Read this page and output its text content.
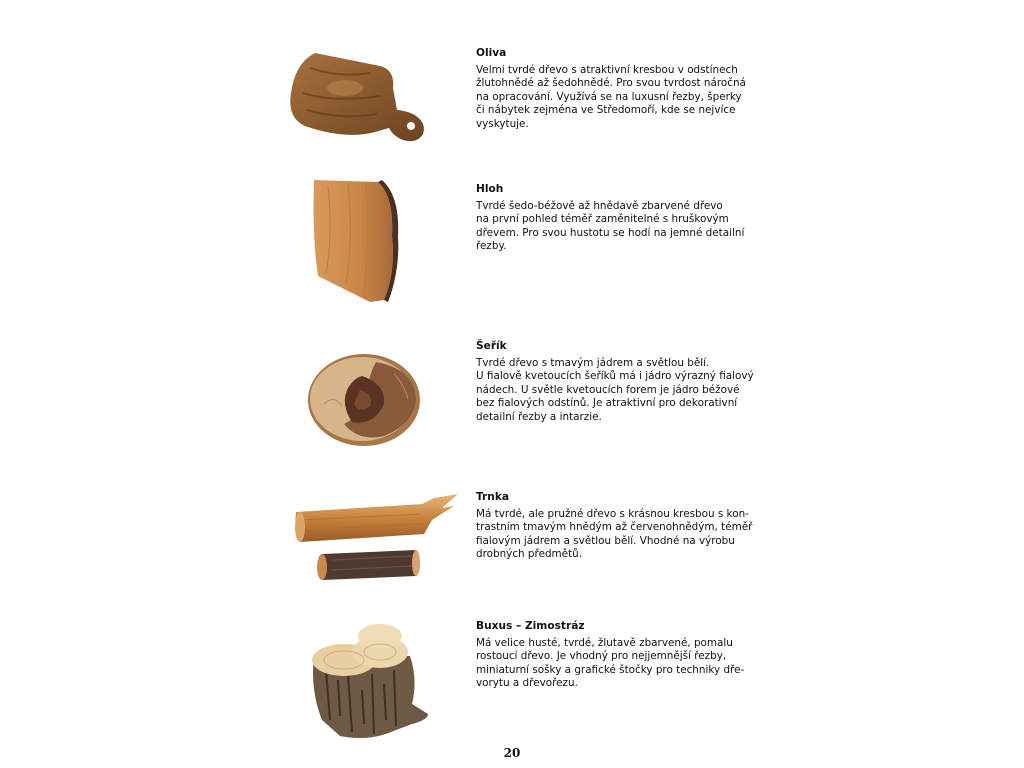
Oliva
Velmi tvrdé dřevo s atraktivní kresbou v odstínech
žlutohnědé až šedohnědé. Pro svou tvrdost náročná
na opracování. Využívá se na luxusní řezby, šperky
či nábytek zejména ve Středomoří, kde se nejvíce
vyskytuje.
Hloh
Tvrdé šedo-béžově až hnědavě zbarvené dřevo
na první pohled téměř zaměnitelné s hruškovým
dřevem. Pro svou hustotu se hodí na jemné detailní
řezby.
Šeřík
Tvrdé dřevo s tmavým jádrem a světlou bělí.
U fialově kvetoucích šeříků má i jádro výrazný fialový
nádech. U světle kvetoucích forem je jádro béžové
bez fialových odstínů. Je atraktivní pro dekorativní
detailní řezby a intarzie.
Trnka
Má tvrdé, ale pružné dřevo s krásnou kresbou s kon-
trastním tmavým hnědým až červenohnědým, téměř
fialovým jádrem a světlou bělí. Vhodné na výrobu
drobných předmětů.
Buxus – Zimostráz
Má velice husté, tvrdé, žlutavě zbarvené, pomalu
rostoucí dřevo. Je vhodný pro nejjemnější řezby,
miniaturní sošky a grafické štočky pro techniky dře-
vorytu a dřevořezu.
20
